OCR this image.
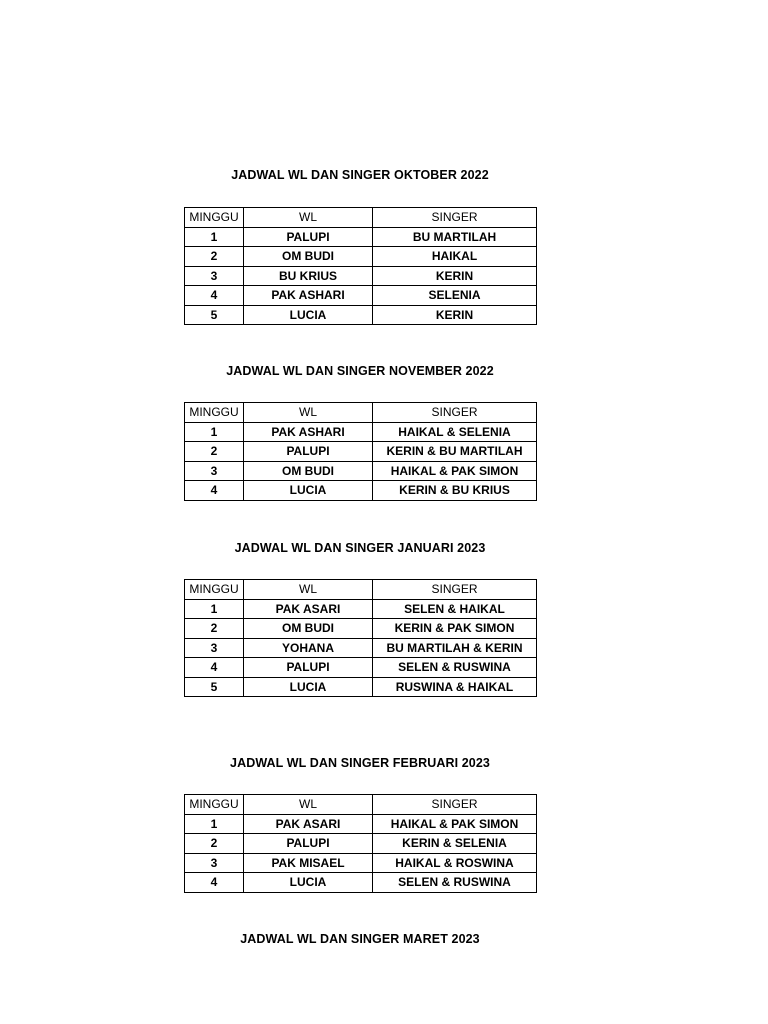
JADWAL WL DAN SINGER OKTOBER 2022
MINGGU	WL	SINGER
1	PALUPI	BU MARTILAH
2	OM BUDI	HAIKAL
3	BU KRIUS	KERIN
4	PAK ASHARI	SELENIA
5	LUCIA	KERIN
JADWAL WL DAN SINGER NOVEMBER 2022
MINGGU	WL	SINGER
1	PAK ASHARI	HAIKAL & SELENIA
2	PALUPI	KERIN & BU MARTILAH
3	OM BUDI	HAIKAL & PAK SIMON
4	LUCIA	KERIN & BU KRIUS
JADWAL WL DAN SINGER JANUARI 2023
MINGGU	WL	SINGER
1	PAK ASARI	SELEN & HAIKAL
2	OM BUDI	KERIN & PAK SIMON
3	YOHANA	BU MARTILAH & KERIN
4	PALUPI	SELEN & RUSWINA
5	LUCIA	RUSWINA & HAIKAL
JADWAL WL DAN SINGER FEBRUARI 2023
MINGGU	WL	SINGER
1	PAK ASARI	HAIKAL & PAK SIMON
2	PALUPI	KERIN & SELENIA
3	PAK MISAEL	HAIKAL & ROSWINA
4	LUCIA	SELEN & RUSWINA
JADWAL WL DAN SINGER MARET 2023
